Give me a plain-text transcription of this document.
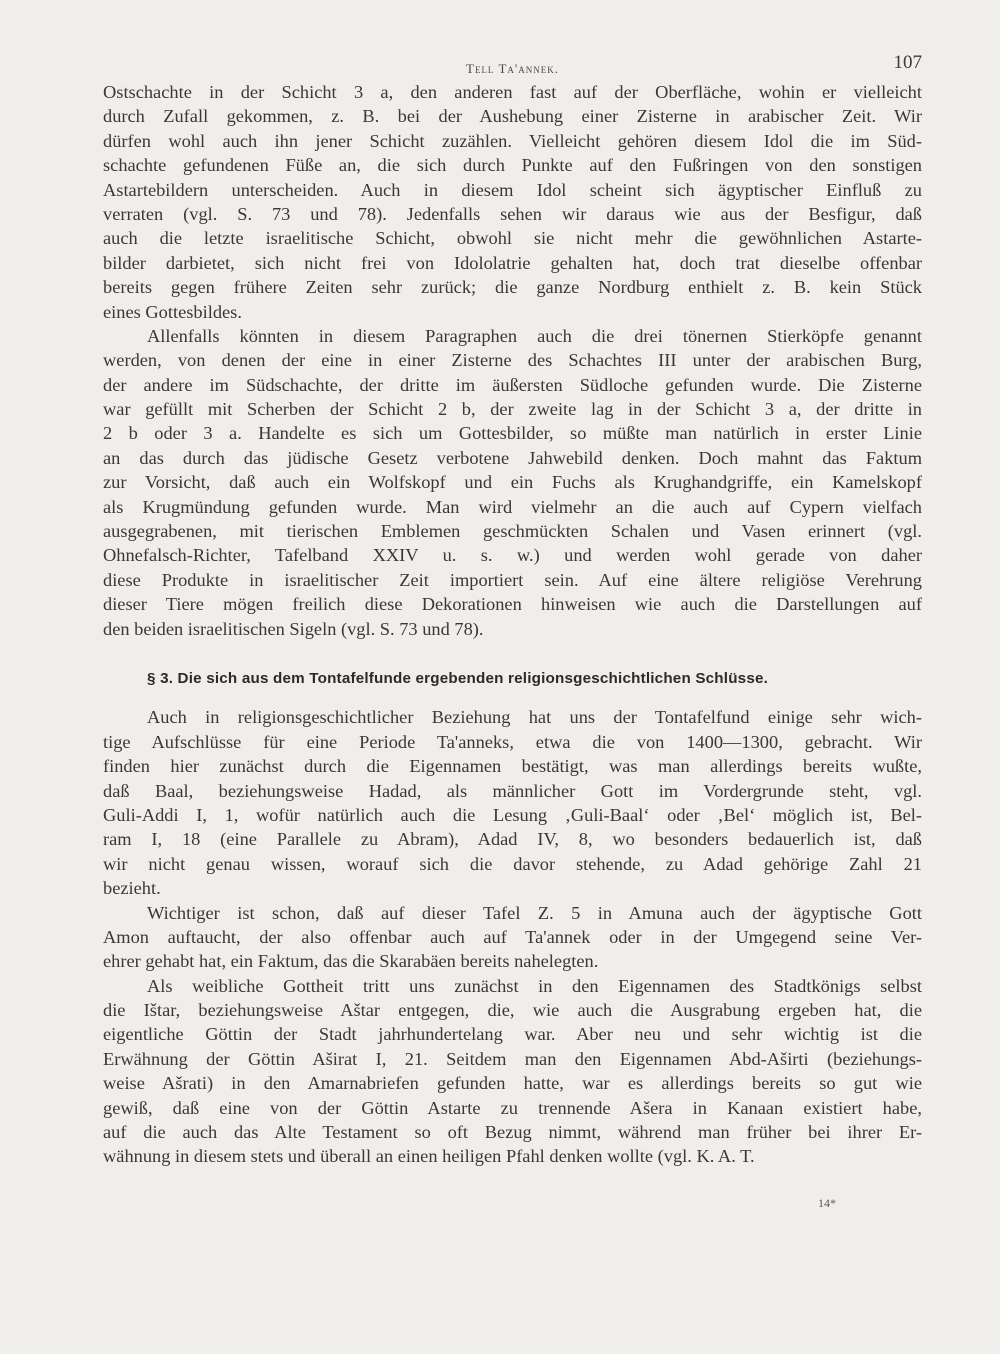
Tell Ta'annek.	107

Ostschachte in der Schicht 3 a, den anderen fast auf der Oberfläche, wohin er vielleicht
durch Zufall gekommen, z. B. bei der Aushebung einer Zisterne in arabischer Zeit. Wir
dürfen wohl auch ihn jener Schicht zuzählen. Vielleicht gehören diesem Idol die im Süd-
schachte gefundenen Füße an, die sich durch Punkte auf den Fußringen von den sonstigen
Astartebildern unterscheiden. Auch in diesem Idol scheint sich ägyptischer Einfluß zu
verraten (vgl. S. 73 und 78). Jedenfalls sehen wir daraus wie aus der Besfigur, daß
auch die letzte israelitische Schicht, obwohl sie nicht mehr die gewöhnlichen Astarte-
bilder darbietet, sich nicht frei von Idololatrie gehalten hat, doch trat dieselbe offenbar
bereits gegen frühere Zeiten sehr zurück; die ganze Nordburg enthielt z. B. kein Stück
eines Gottesbildes.

Allenfalls könnten in diesem Paragraphen auch die drei tönernen Stierköpfe genannt
werden, von denen der eine in einer Zisterne des Schachtes III unter der arabischen Burg,
der andere im Südschachte, der dritte im äußersten Südloche gefunden wurde. Die Zisterne
war gefüllt mit Scherben der Schicht 2 b, der zweite lag in der Schicht 3 a, der dritte in
2 b oder 3 a. Handelte es sich um Gottesbilder, so müßte man natürlich in erster Linie
an das durch das jüdische Gesetz verbotene Jahwebild denken. Doch mahnt das Faktum
zur Vorsicht, daß auch ein Wolfskopf und ein Fuchs als Krughandgriffe, ein Kamelskopf
als Krugmündung gefunden wurde. Man wird vielmehr an die auch auf Cypern vielfach
ausgegrabenen, mit tierischen Emblemen geschmückten Schalen und Vasen erinnert (vgl.
Ohnefalsch-Richter, Tafelband XXIV u. s. w.) und werden wohl gerade von daher
diese Produkte in israelitischer Zeit importiert sein. Auf eine ältere religiöse Verehrung
dieser Tiere mögen freilich diese Dekorationen hinweisen wie auch die Darstellungen auf
den beiden israelitischen Sigeln (vgl. S. 73 und 78).

§ 3. Die sich aus dem Tontafelfunde ergebenden religionsgeschichtlichen Schlüsse.

Auch in religionsgeschichtlicher Beziehung hat uns der Tontafelfund einige sehr wich-
tige Aufschlüsse für eine Periode Ta'anneks, etwa die von 1400—1300, gebracht. Wir
finden hier zunächst durch die Eigennamen bestätigt, was man allerdings bereits wußte,
daß Baal, beziehungsweise Hadad, als männlicher Gott im Vordergrunde steht, vgl.
Guli-Addi I, 1, wofür natürlich auch die Lesung ‚Guli-Baal‘ oder ‚Bel‘ möglich ist, Bel-
ram I, 18 (eine Parallele zu Abram), Adad IV, 8, wo besonders bedauerlich ist, daß
wir nicht genau wissen, worauf sich die davor stehende, zu Adad gehörige Zahl 21
bezieht.

Wichtiger ist schon, daß auf dieser Tafel Z. 5 in Amuna auch der ägyptische Gott
Amon auftaucht, der also offenbar auch auf Ta'annek oder in der Umgegend seine Ver-
ehrer gehabt hat, ein Faktum, das die Skarabäen bereits nahelegten.

Als weibliche Gottheit tritt uns zunächst in den Eigennamen des Stadtkönigs selbst
die Ištar, beziehungsweise Aštar entgegen, die, wie auch die Ausgrabung ergeben hat, die
eigentliche Göttin der Stadt jahrhundertelang war. Aber neu und sehr wichtig ist die
Erwähnung der Göttin Aširat I, 21. Seitdem man den Eigennamen Abd-Aširti (beziehungs-
weise Ašrati) in den Amarnabriefen gefunden hatte, war es allerdings bereits so gut wie
gewiß, daß eine von der Göttin Astarte zu trennende Ašera in Kanaan existiert habe,
auf die auch das Alte Testament so oft Bezug nimmt, während man früher bei ihrer Er-
wähnung in diesem stets und überall an einen heiligen Pfahl denken wollte (vgl. K. A. T.

14*
